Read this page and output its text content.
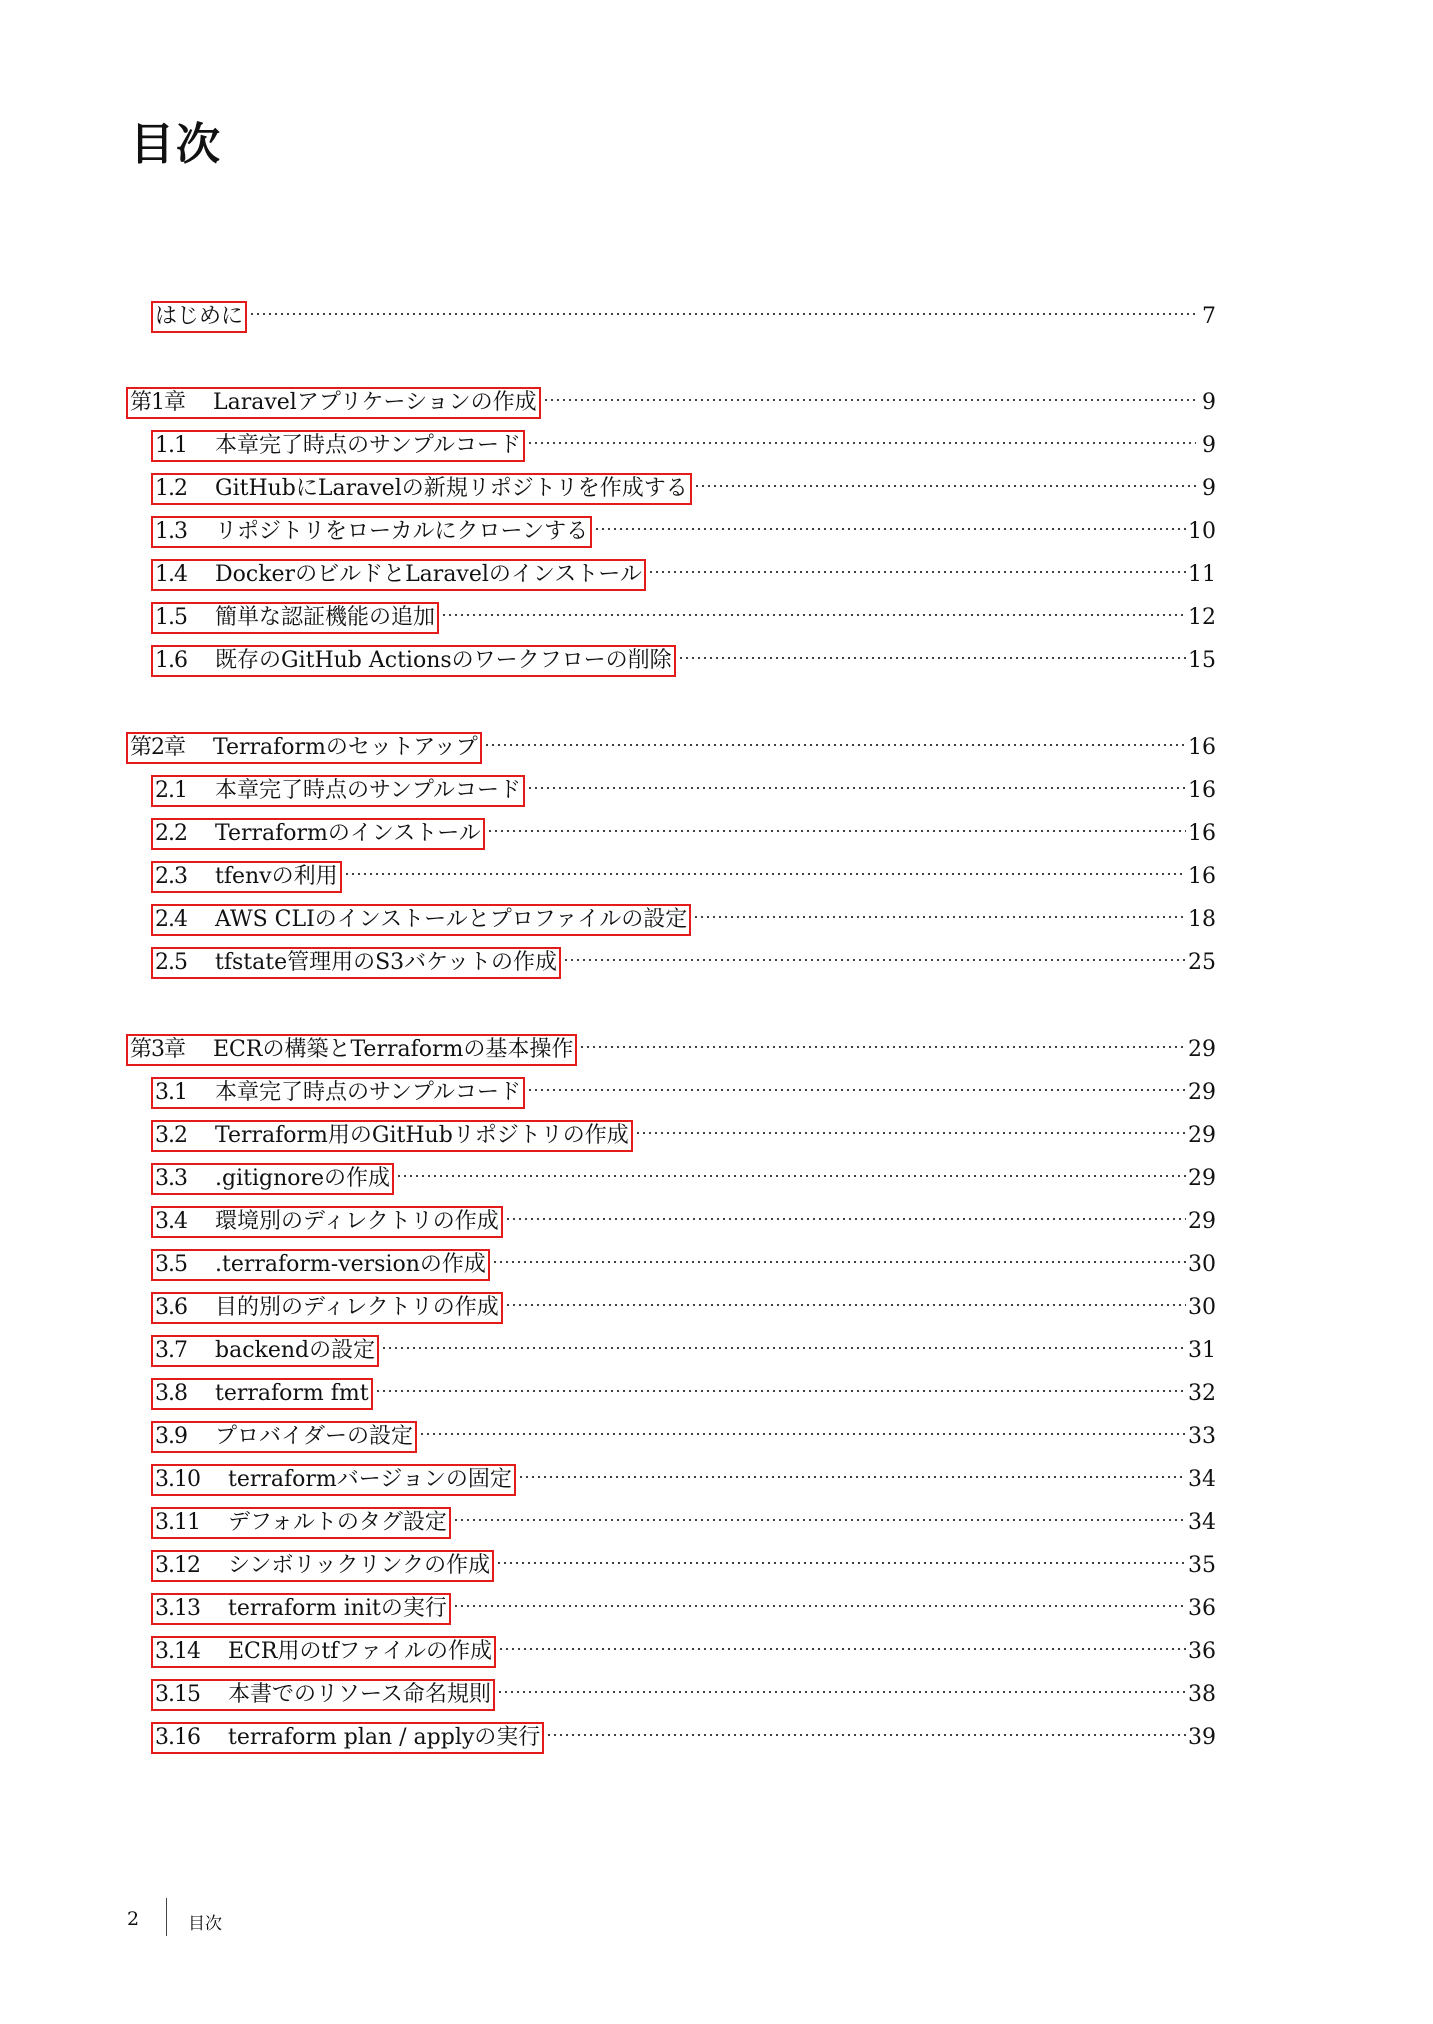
目次
はじめに	7
第1章 Laravelアプリケーションの作成	9
1.1 本章完了時点のサンプルコード	9
1.2 GitHubにLaravelの新規リポジトリを作成する	9
1.3 リポジトリをローカルにクローンする	10
1.4 DockerのビルドとLaravelのインストール	11
1.5 簡単な認証機能の追加	12
1.6 既存のGitHub Actionsのワークフローの削除	15
第2章 Terraformのセットアップ	16
2.1 本章完了時点のサンプルコード	16
2.2 Terraformのインストール	16
2.3 tfenvの利用	16
2.4 AWS CLIのインストールとプロファイルの設定	18
2.5 tfstate管理用のS3バケットの作成	25
第3章 ECRの構築とTerraformの基本操作	29
3.1 本章完了時点のサンプルコード	29
3.2 Terraform用のGitHubリポジトリの作成	29
3.3 .gitignoreの作成	29
3.4 環境別のディレクトリの作成	29
3.5 .terraform-versionの作成	30
3.6 目的別のディレクトリの作成	30
3.7 backendの設定	31
3.8 terraform fmt	32
3.9 プロバイダーの設定	33
3.10 terraformバージョンの固定	34
3.11 デフォルトのタグ設定	34
3.12 シンボリックリンクの作成	35
3.13 terraform initの実行	36
3.14 ECR用のtfファイルの作成	36
3.15 本書でのリソース命名規則	38
3.16 terraform plan / applyの実行	39
2	目次
